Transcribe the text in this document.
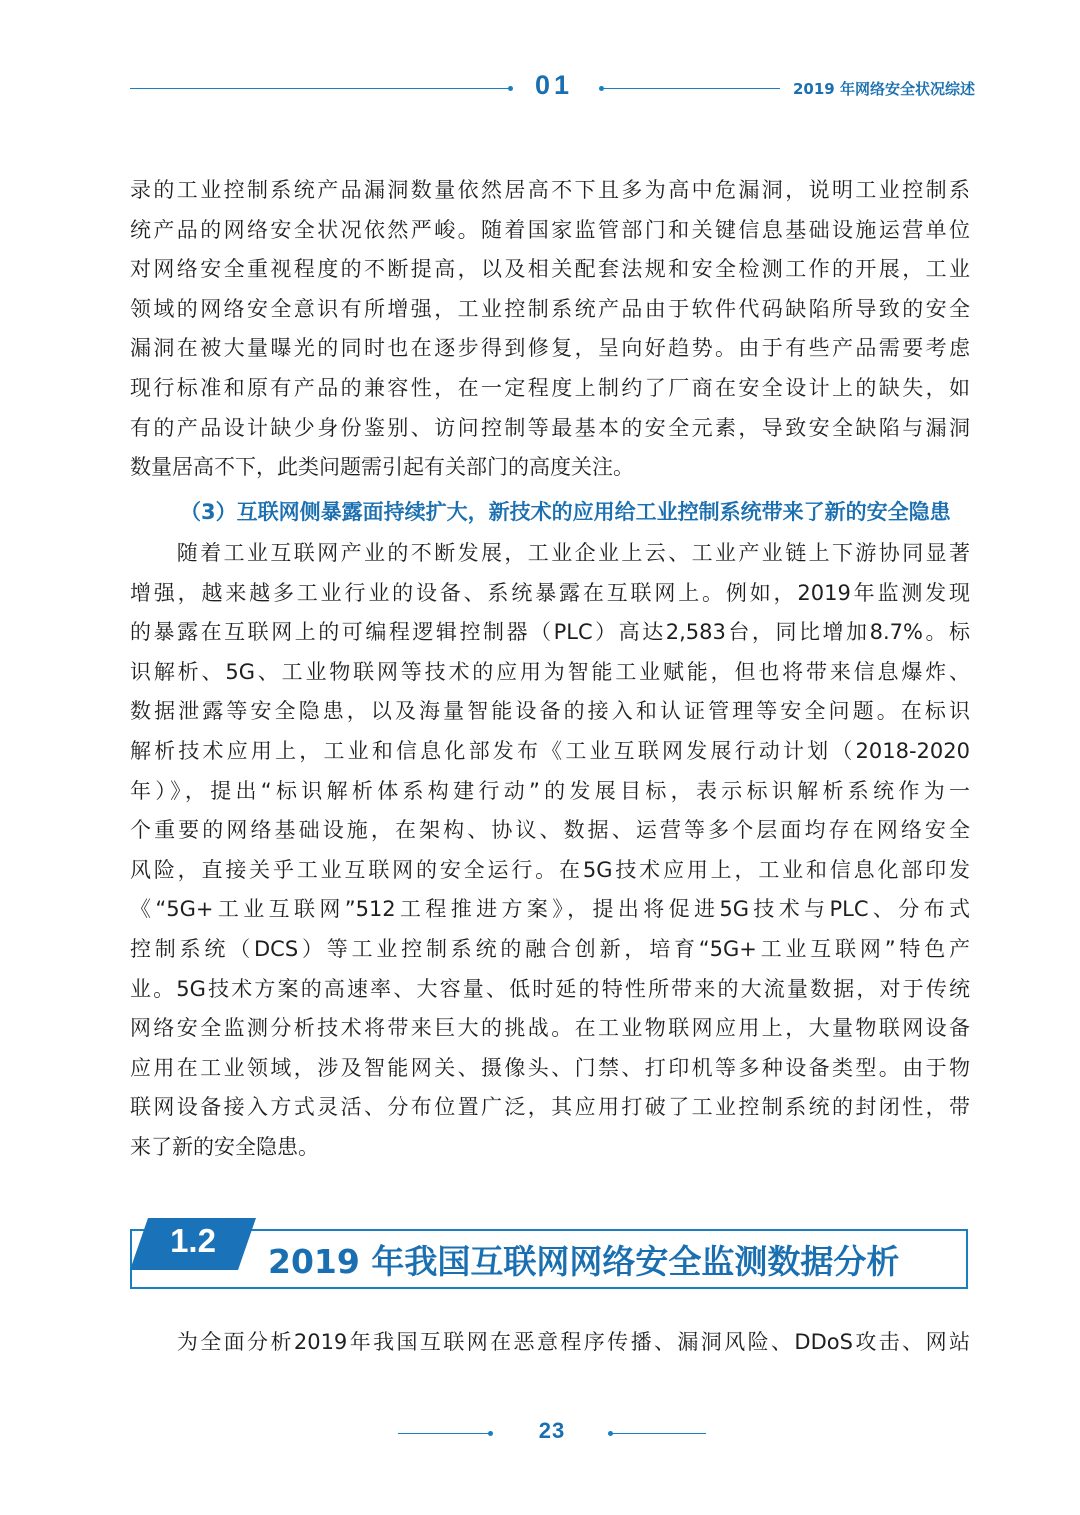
01	2019 年网络安全状况综述
录的工业控制系统产品漏洞数量依然居高不下且多为高中危漏洞，说明工业控制系
统产品的网络安全状况依然严峻。随着国家监管部门和关键信息基础设施运营单位
对网络安全重视程度的不断提高，以及相关配套法规和安全检测工作的开展，工业
领域的网络安全意识有所增强，工业控制系统产品由于软件代码缺陷所导致的安全
漏洞在被大量曝光的同时也在逐步得到修复，呈向好趋势。由于有些产品需要考虑
现行标准和原有产品的兼容性，在一定程度上制约了厂商在安全设计上的缺失，如
有的产品设计缺少身份鉴别、访问控制等最基本的安全元素，导致安全缺陷与漏洞
数量居高不下，此类问题需引起有关部门的高度关注。
（3）互联网侧暴露面持续扩大，新技术的应用给工业控制系统带来了新的安全隐患
　　随着工业互联网产业的不断发展，工业企业上云、工业产业链上下游协同显著
增强，越来越多工业行业的设备、系统暴露在互联网上。例如，2019年监测发现
的暴露在互联网上的可编程逻辑控制器（PLC）高达2,583台，同比增加8.7%。标
识解析、5G、工业物联网等技术的应用为智能工业赋能，但也将带来信息爆炸、
数据泄露等安全隐患，以及海量智能设备的接入和认证管理等安全问题。在标识
解析技术应用上，工业和信息化部发布《工业互联网发展行动计划（2018-2020
年）》，提出“标识解析体系构建行动”的发展目标，表示标识解析系统作为一
个重要的网络基础设施，在架构、协议、数据、运营等多个层面均存在网络安全
风险，直接关乎工业互联网的安全运行。在5G技术应用上，工业和信息化部印发
《“5G+工业互联网”512工程推进方案》，提出将促进5G技术与PLC、分布式
控制系统（DCS）等工业控制系统的融合创新，培育“5G+工业互联网”特色产
业。5G技术方案的高速率、大容量、低时延的特性所带来的大流量数据，对于传统
网络安全监测分析技术将带来巨大的挑战。在工业物联网应用上，大量物联网设备
应用在工业领域，涉及智能网关、摄像头、门禁、打印机等多种设备类型。由于物
联网设备接入方式灵活、分布位置广泛，其应用打破了工业控制系统的封闭性，带
来了新的安全隐患。
1.2
2019 年我国互联网网络安全监测数据分析
　　为全面分析2019年我国互联网在恶意程序传播、漏洞风险、DDoS攻击、网站
23
